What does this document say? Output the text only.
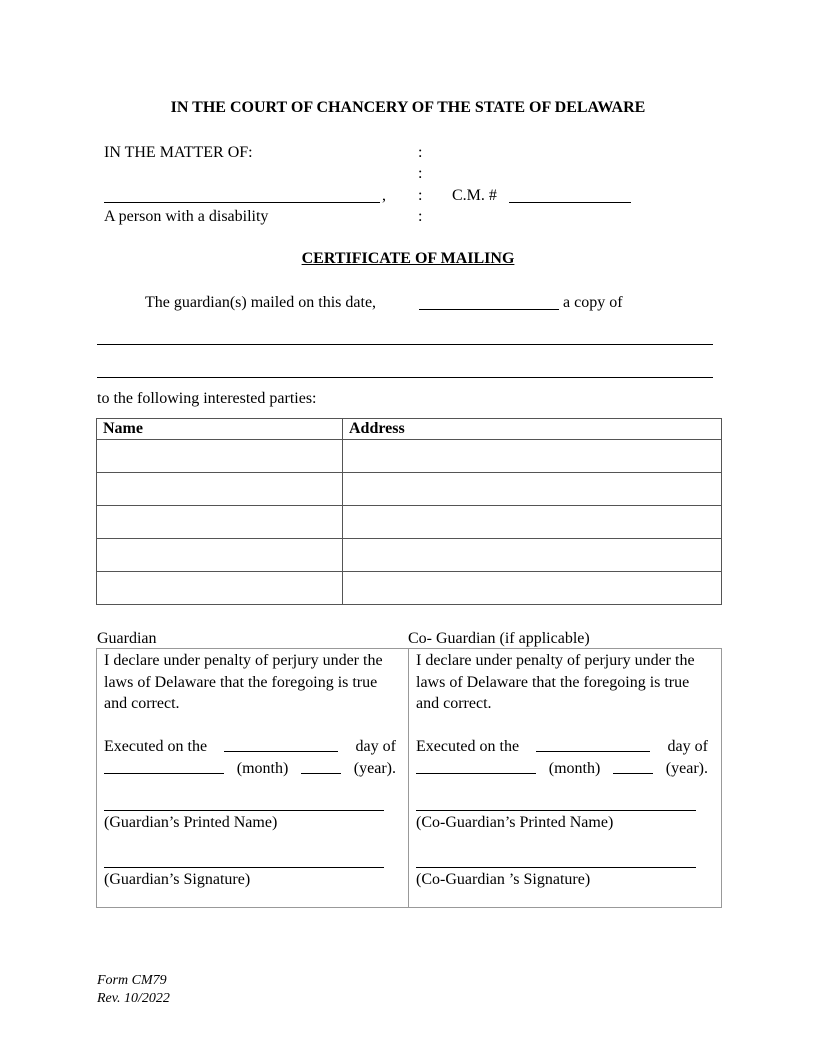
IN THE COURT OF CHANCERY OF THE STATE OF DELAWARE
IN THE MATTER OF:	:
:
:
:
,	C.M. #
A person with a disability
CERTIFICATE OF MAILING
The guardian(s) mailed on this date,	a copy of
to the following interested parties:
Name	Address

Guardian	Co- Guardian (if applicable)
I declare under penalty of perjury under the laws of Delaware that the foregoing is true and correct.
Executed on the	day of
(month)	(year).
(Guardian’s Printed Name)
(Guardian’s Signature)
I declare under penalty of perjury under the laws of Delaware that the foregoing is true and correct.
Executed on the	day of
(month)	(year).
(Co-Guardian’s Printed Name)
(Co-Guardian ’s Signature)
Form CM79
Rev. 10/2022
